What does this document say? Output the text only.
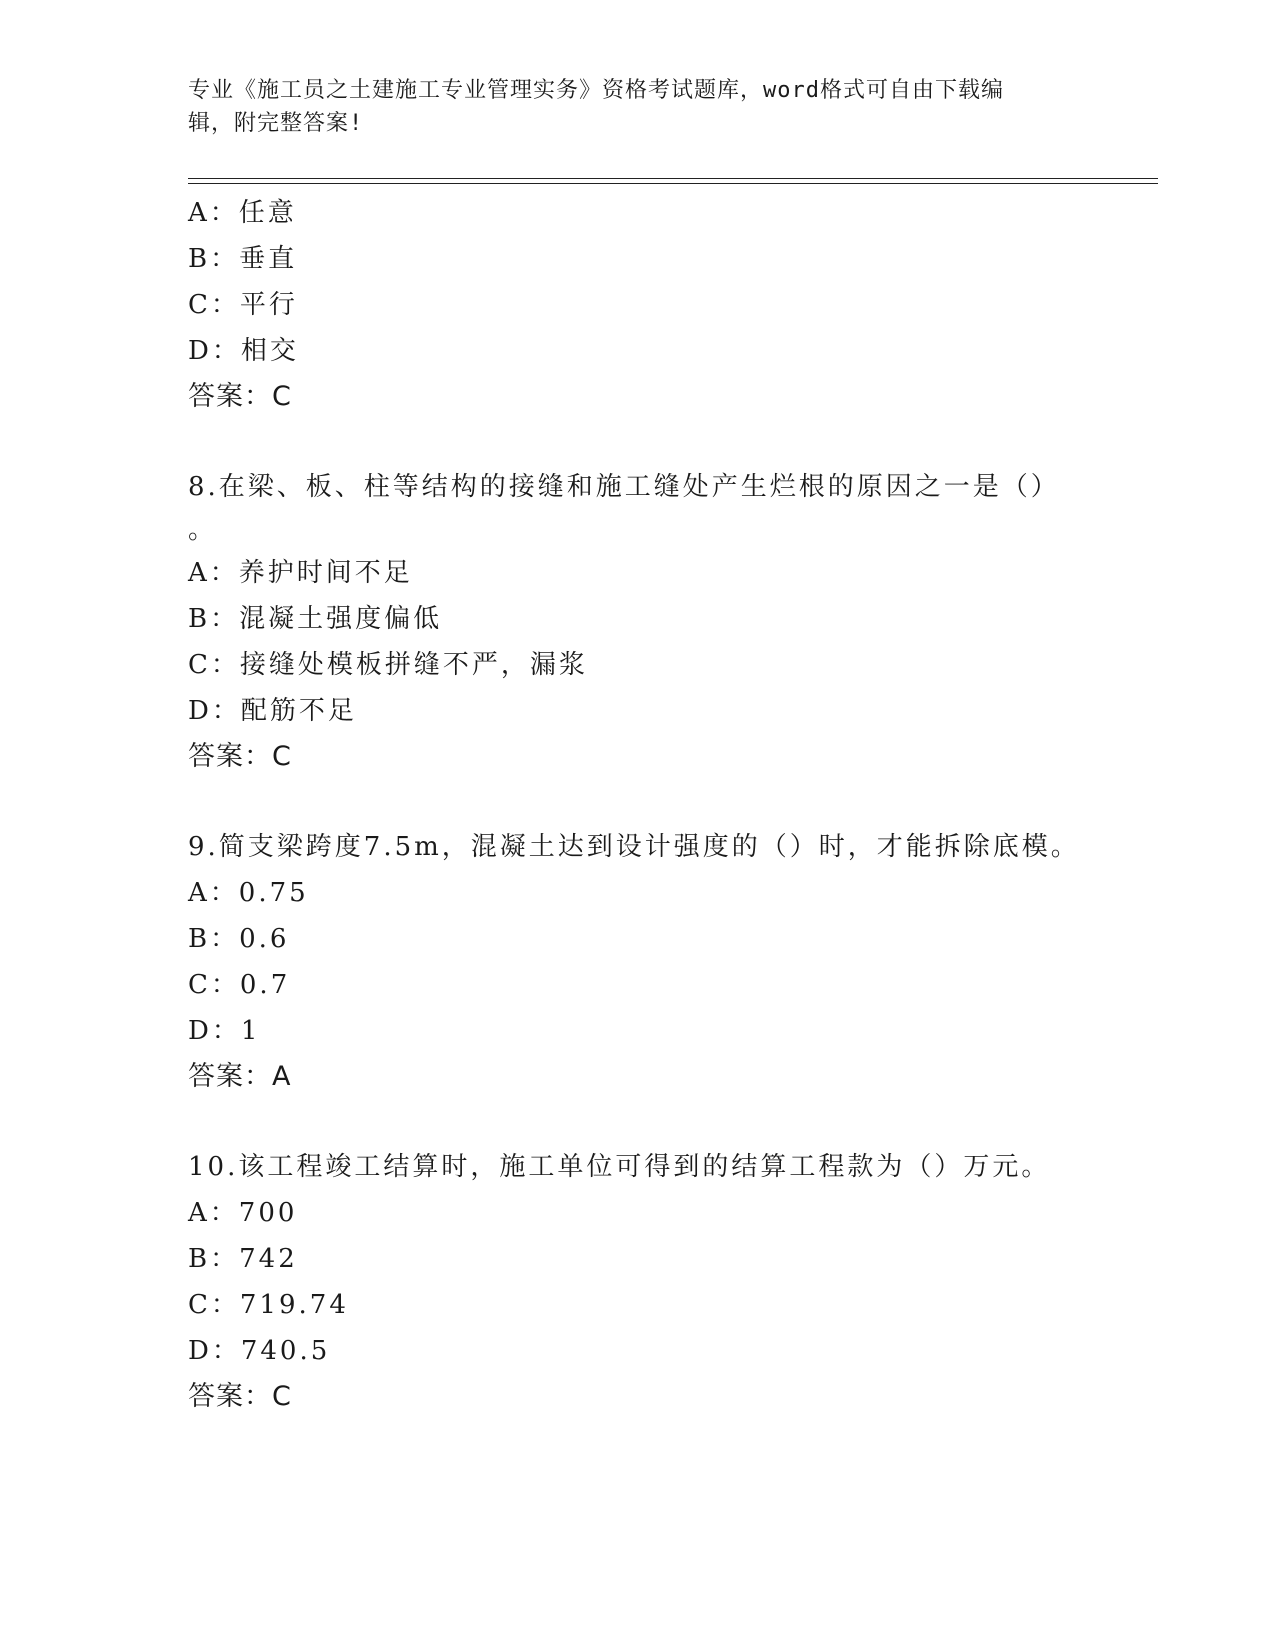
专业《施工员之土建施工专业管理实务》资格考试题库，word格式可自由下载编
辑，附完整答案!
A：任意
B：垂直
C：平行
D：相交
答案：C
8.在梁、板、柱等结构的接缝和施工缝处产生烂根的原因之一是（）
。
A：养护时间不足
B：混凝土强度偏低
C：接缝处模板拼缝不严，漏浆
D：配筋不足
答案：C
9.简支梁跨度7.5m，混凝土达到设计强度的（）时，才能拆除底模。
A：0.75
B：0.6
C：0.7
D：1
答案：A
10.该工程竣工结算时，施工单位可得到的结算工程款为（）万元。
A：700
B：742
C：719.74
D：740.5
答案：C
